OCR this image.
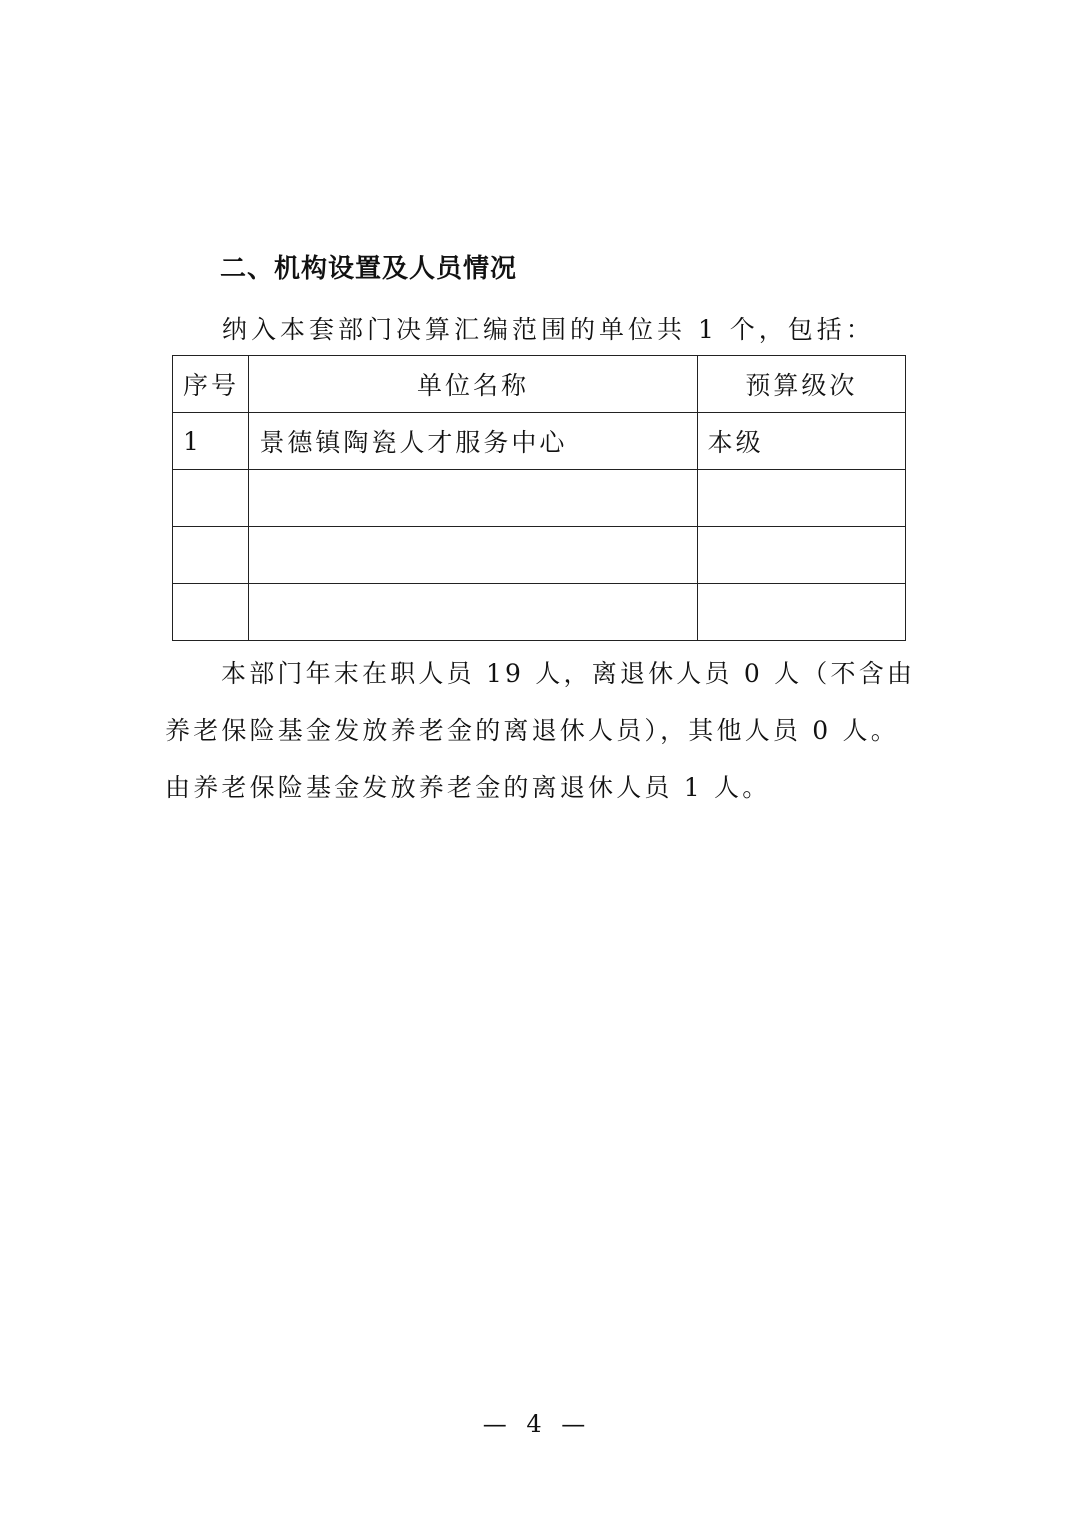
二、机构设置及人员情况

纳入本套部门决算汇编范围的单位共 1 个，包括：

序号	单位名称	预算级次
1	景德镇陶瓷人才服务中心	本级

本部门年末在职人员 19 人，离退休人员 0 人（不含由
养老保险基金发放养老金的离退休人员），其他人员 0 人。
由养老保险基金发放养老金的离退休人员 1 人。

— 4 —
